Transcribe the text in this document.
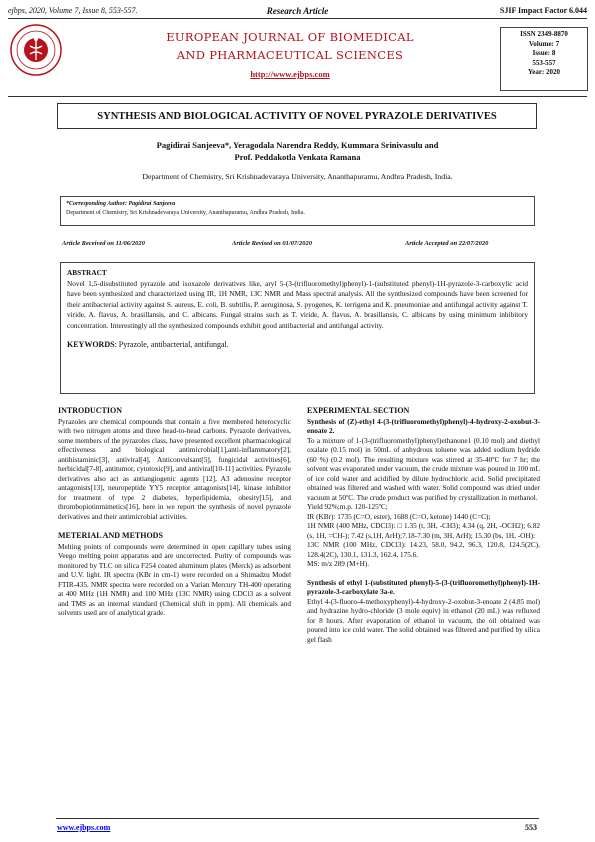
ejbps, 2020, Volume 7, Issue 8, 553-557.	Research Article	SJIF Impact Factor 6.044
EUROPEAN JOURNAL OF BIOMEDICAL
AND PHARMACEUTICAL SCIENCES
http://www.ejbps.com
ISSN 2349-8870
Volume: 7
Issue: 8
553-557
Year: 2020
SYNTHESIS AND BIOLOGICAL ACTIVITY OF NOVEL PYRAZOLE DERIVATIVES
Pagidirai Sanjeeva*, Yeragodala Narendra Reddy, Kummara Srinivasulu and
Prof. Peddakotla Venkata Ramana
Department of Chemistry, Sri Krishnadevaraya University, Ananthapuramu, Andhra Pradesh, India.
*Corresponding Author: Pagidirai Sanjeeva
Department of Chemistry, Sri Krishnadevaraya University, Ananthapuramu, Andhra Pradesh, India.
Article Received on 11/06/2020	Article Revised on 01/07/2020	Article Accepted on 22/07/2020
ABSTRACT
Novel 1,5-disubstituted pyrazole and isoxazole derivatives like, aryl 5-(3-(trifluoromethyl)phenyl)-1-(substituted phenyl)-1H-pyrazole-3-carboxylic acid have been synthesized and characterized using IR, 1H NMR, 13C NMR and Mass spectral analysis. All the synthesized compounds have been screened for their antibacterial activity against S. aureus, E. coli, B. subtilis, P. aeruginosa, S. pyogenes, K. terrigena and K. pneumoniae and antifungal activity against T. viride, A. flavus, A. brasillansis, and C. albicans. Fungal strains such as T. viride, A. flavus, A. brasillansis, C. albicans by using minimum inhibitory concentration. Interestingly all the synthesized compounds exhibit good antibacterial and antifungal activity.
KEYWORDS: Pyrazole, antibacterial, antifungal.
INTRODUCTION

Pyrazoles are chemical compounds that contain a five membered heterocyclic with two nitrogen atoms and three head-to-head carbons. Pyrazole derivatives, some members of the pyrazoles class, have presented excellent pharmacological effectiveness and biological antimicrobial[1],anti-inflammatory[2], antihistaminic[3], antiviral[4], Anticonvulsant[5], fungicidal activities[6], herbicidal[7-8], antitumor, cytotoxic[9], and antiviral[10-11] activities. Pyrazole derivatives also act as antiangiogenic agents [12], A3 adenosine receptor antagonists[13], neuropeptide YY5 receptor antagonists[14], kinase inhibitor for treatment of type 2 diabetes, hyperlipidemia, obesity[15], and thrombopiotinmimetics[16], here in we report the synthesis of novel pyrazole derivatives and their antimicrobial activities.

METERIAL AND METHODS

Melting points of compounds were determined in open capillary tubes using Veego melting point apparatus and are uncorrected. Purity of compounds was monitored by TLC on silica F254 coated aluminum plates (Merck) as adsorbent and U.V. light. IR spectra (KBr in cm-1) were recorded on a Shimadzu Model FTIR-435. NMR spectra were recorded on a Varian Mercury TH-400 operating at 400 MHz (1H NMR) and 100 MHz (13C NMR) using CDCl3 as a solvent and TMS as an internal standard (Chemical shift in ppm). All chemicals and solvents used are of analytical grade.

EXPERIMENTAL SECTION

Synthesis of (Z)-ethyl 4-(3-(trifluoromethyl)phenyl)-4-hydroxy-2-oxobut-3-enoate 2.

To a mixture of 1-(3-(trifluoromethyl)phenyl)ethanone1 (0.10 mol) and diethyl oxalate (0.15 mol) in 50mL of anhydrous toluene was added sodium hydride (60 %) (0.2 mol). The resulting mixture was stirred at 35-40ºC for 7 hr; the solvent was evaporated under vacuum, the crude mixture was poured in 100 mL of ice cold water and acidified by dilute hydrochloric acid. Solid precipitated obtained was filtered and washed with water. Solid compound was dried under vacuum at 50ºC. The crude product was purified by crystallization in methanol.

Yield 92%;m.p. 120-125ºC;

IR (KBr): 1735 (C=O, ester), 1688 (C=O, ketone) 1440 (C=C);

1H NMR (400 MHz, CDCl3): □ 1.35 (t, 3H, -CH3); 4.34 (q, 2H, -OCH2); 6.82 (s, 1H, =CH-); 7.42 (s,1H, ArH);7.18-7.30 (m, 3H, ArH); 15.30 (bs, 1H, -OH):

13C NMR (100 MHz, CDCl3): 14.23, 58.0, 94.2, 96.3, 120.8, 124.5(2C), 128.4(2C), 130.1, 131.3, 162.4, 175.6.

MS: m/z 289 (M+H).

Synthesis of ethyl 1-(substituted phenyl)-5-(3-(trifluoromethyl)phenyl)-1H-pyrazole-3-carboxylate 3a-e.

Ethyl 4-(3-fluoro-4-methoxyphenyl)-4-hydroxy-2-oxobut-3-enoate 2 (4.85 mol) and hydrazine hydro-chloride (3 mole equiv) in ethanol (20 mL) was refluxed for 8 hours. After evaporation of ethanol in vacuum, the oil obtained was poured into ice cold water. The solid obtained was filtered and purified by silica gel flash

www.ejbps.com	553
